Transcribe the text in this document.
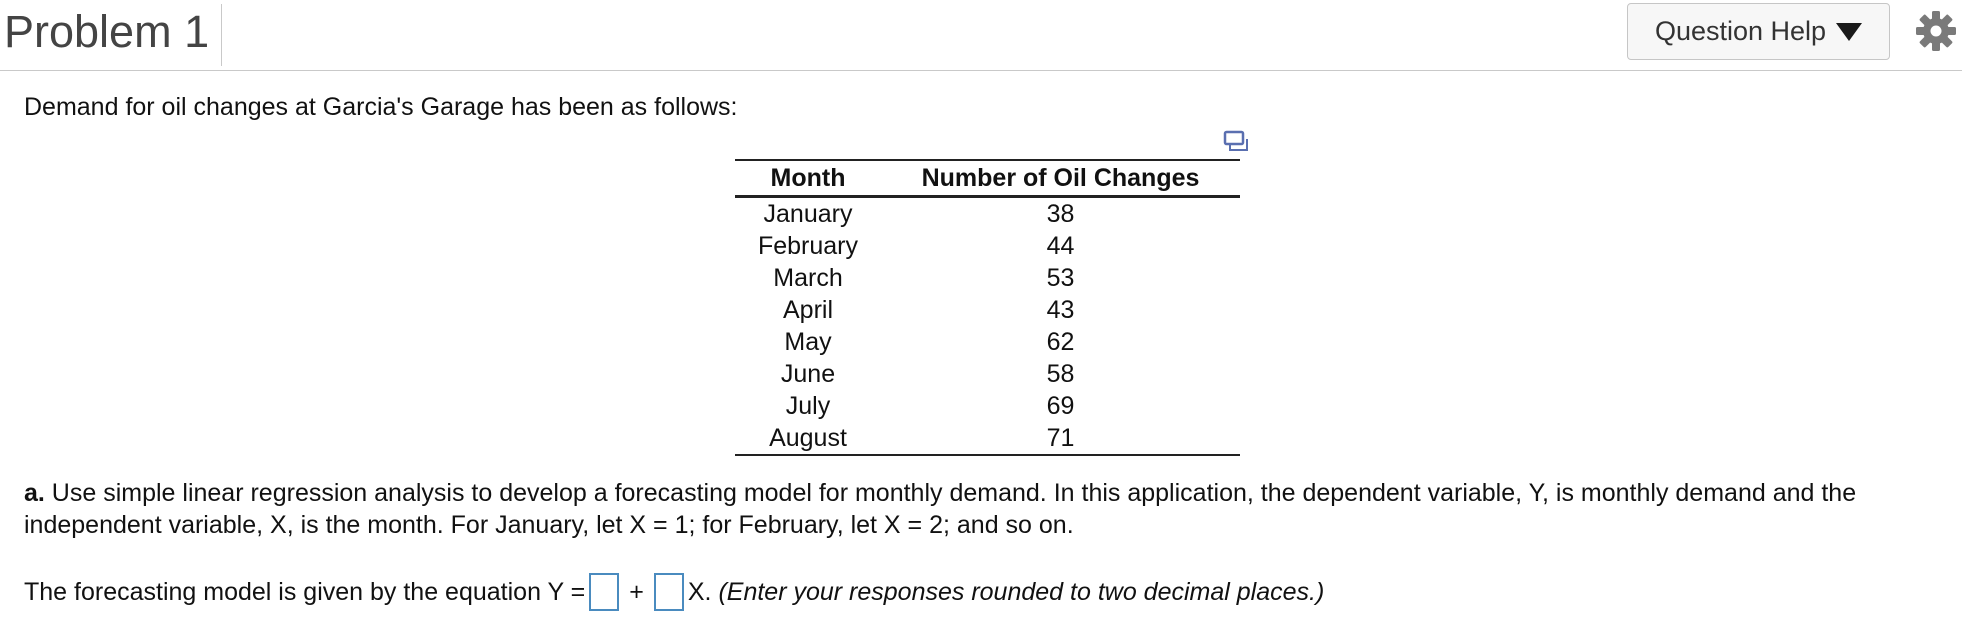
Problem 1	Question Help
Demand for oil changes at Garcia's Garage has been as follows:
Month	Number of Oil Changes
January	38
February	44
March	53
April	43
May	62
June	58
July	69
August	71
a. Use simple linear regression analysis to develop a forecasting model for monthly demand. In this application, the dependent variable, Y, is monthly demand and the independent variable, X, is the month. For January, let X = 1; for February, let X = 2; and so on.
The forecasting model is given by the equation Y = + X.
(Enter your responses rounded to two decimal places.)
